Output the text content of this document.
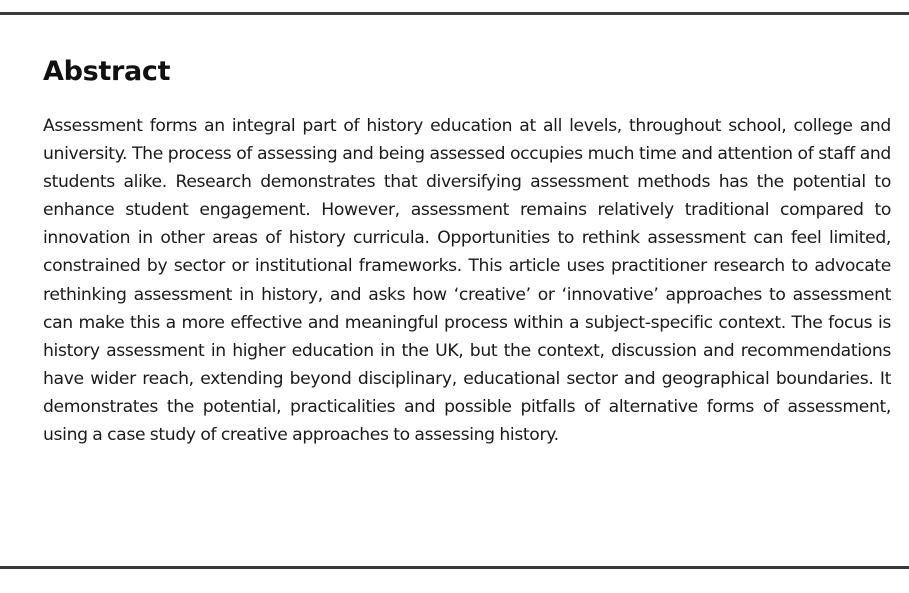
Abstract

Assessment forms an integral part of history education at all levels, throughout school, college and university. The process of assessing and being assessed occupies much time and attention of staff and students alike. Research demonstrates that diversifying assessment methods has the potential to enhance student engagement. However, assessment remains relatively traditional compared to innovation in other areas of history curricula. Opportunities to rethink assessment can feel limited, constrained by sector or institutional frameworks. This article uses practitioner research to advocate rethinking assessment in history, and asks how ‘creative’ or ‘innovative’ approaches to assessment can make this a more effective and meaningful process within a subject-specific context. The focus is history assessment in higher education in the UK, but the context, discussion and recommendations have wider reach, extending beyond disciplinary, educational sector and geographical boundaries. It demonstrates the potential, practicalities and possible pitfalls of alternative forms of assessment, using a case study of creative approaches to assessing history.
